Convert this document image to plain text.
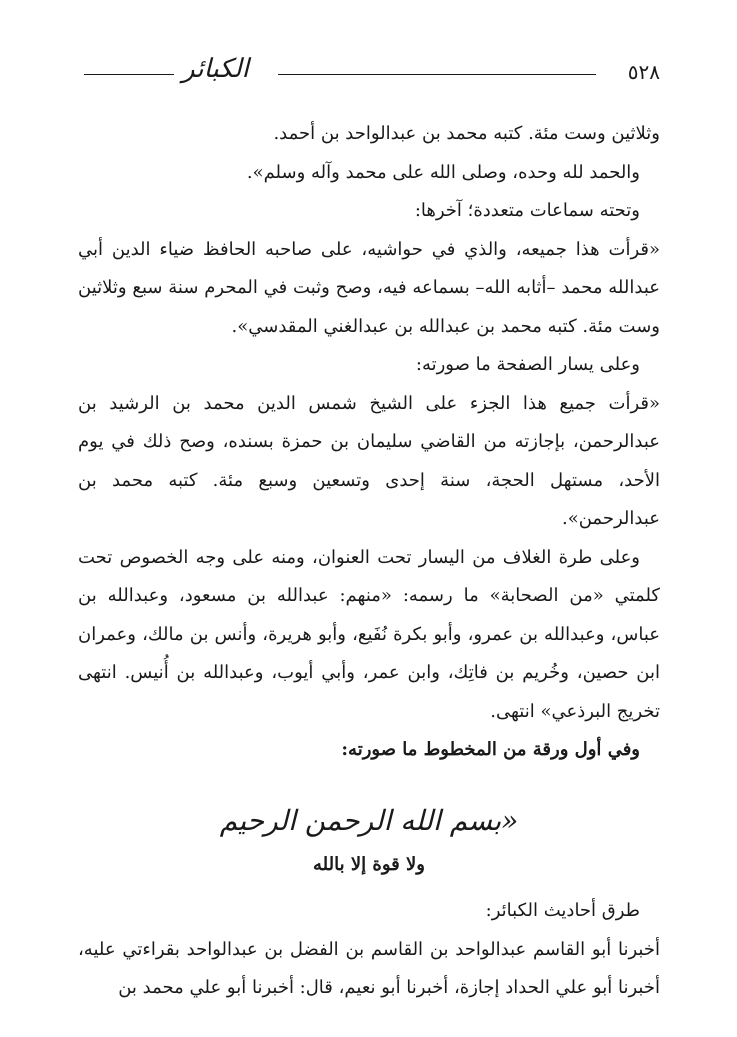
٥٢٨
الكبائر

وثلاثين وست مئة. كتبه محمد بن عبدالواحد بن أحمد.

والحمد لله وحده، وصلى الله على محمد وآله وسلم».

وتحته سماعات متعددة؛ آخرها:

«قرأت هذا جميعه، والذي في حواشيه، على صاحبه الحافظ ضياء الدين أبي عبدالله محمد –أثابه الله– بسماعه فيه، وصح وثبت في المحرم سنة سبع وثلاثين وست مئة. كتبه محمد بن عبدالله بن عبدالغني المقدسي».

وعلى يسار الصفحة ما صورته:

«قرأت جميع هذا الجزء على الشيخ شمس الدين محمد بن الرشيد بن عبدالرحمن، بإجازته من القاضي سليمان بن حمزة بسنده، وصح ذلك في يوم الأحد، مستهل الحجة، سنة إحدى وتسعين وسبع مئة. كتبه محمد بن عبدالرحمن».

وعلى طرة الغلاف من اليسار تحت العنوان، ومنه على وجه الخصوص تحت كلمتي «من الصحابة» ما رسمه: «منهم: عبدالله بن مسعود، وعبدالله بن عباس، وعبدالله بن عمرو، وأبو بكرة نُفَيع، وأبو هريرة، وأنس بن مالك، وعمران ابن حصين، وخُريم بن فاتِك، وابن عمر، وأبي أيوب، وعبدالله بن أُنيس. انتهى تخريج البرذعي» انتهى.

وفي أول ورقة من المخطوط ما صورته:

«بسم الله الرحمن الرحيم

ولا قوة إلا بالله

طرق أحاديث الكبائر:

أخبرنا أبو القاسم عبدالواحد بن القاسم بن الفضل بن عبدالواحد بقراءتي عليه، أخبرنا أبو علي الحداد إجازة، أخبرنا أبو نعيم، قال: أخبرنا أبو علي محمد بن
